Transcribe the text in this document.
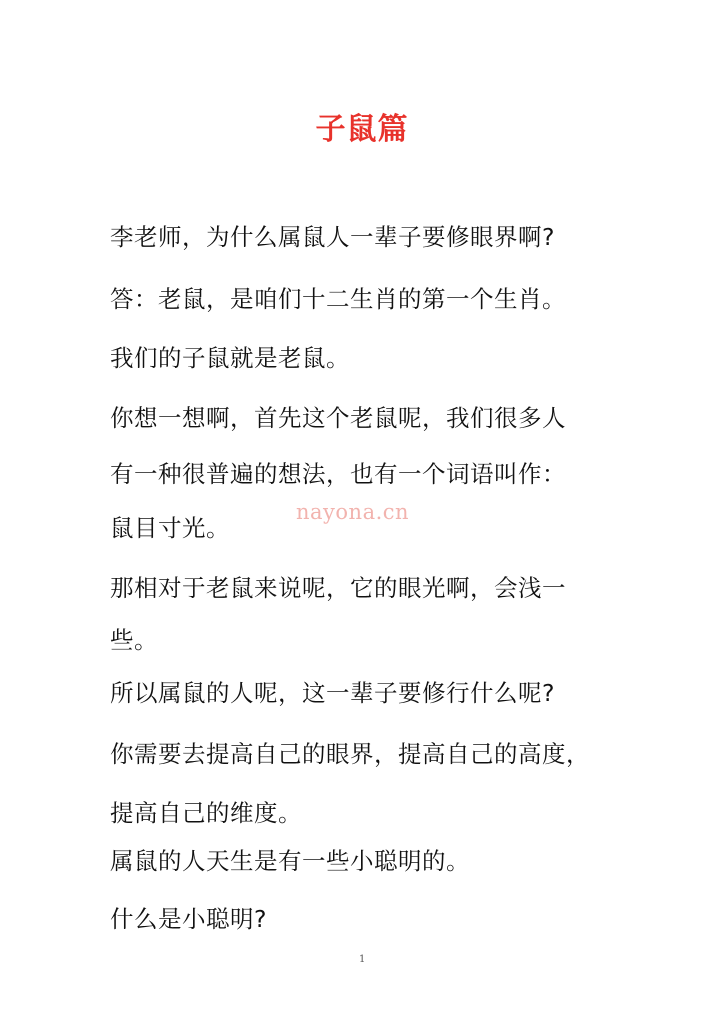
子鼠篇
李老师，为什么属鼠人一辈子要修眼界啊?
答：老鼠，是咱们十二生肖的第一个生肖。
我们的子鼠就是老鼠。
你想一想啊，首先这个老鼠呢，我们很多人
有一种很普遍的想法，也有一个词语叫作：
鼠目寸光。
那相对于老鼠来说呢，它的眼光啊，会浅一
些。
所以属鼠的人呢，这一辈子要修行什么呢?
你需要去提高自己的眼界，提高自己的高度，
提高自己的维度。
属鼠的人天生是有一些小聪明的。
什么是小聪明?
nayona.cn
1
